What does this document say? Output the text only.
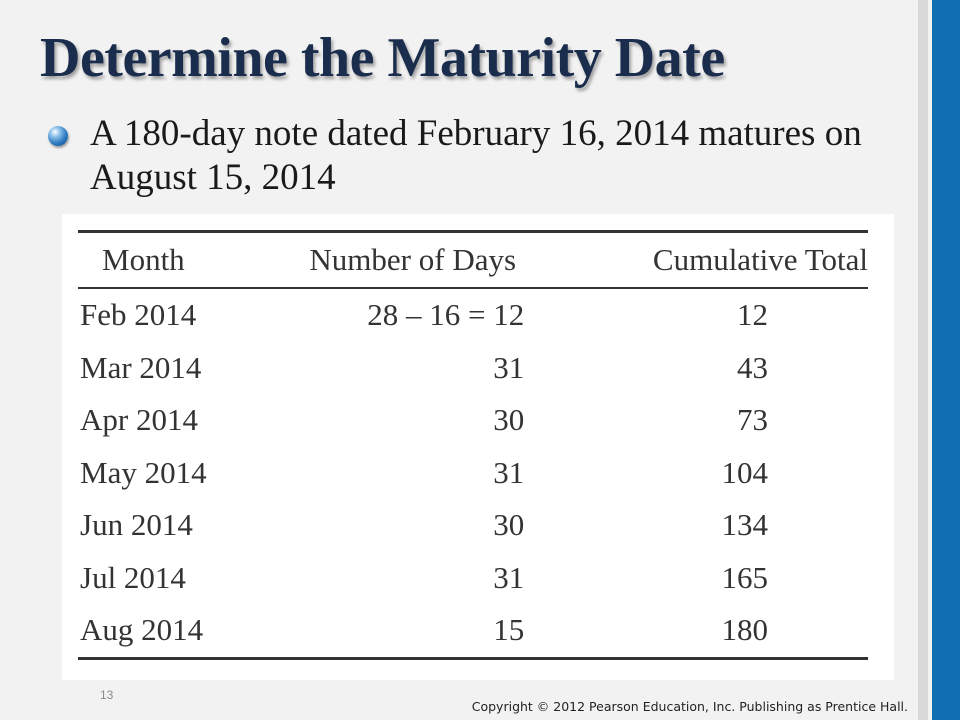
Determine the Maturity Date
A 180-day note dated February 16, 2014 matures on August 15, 2014
Month	Number of Days	Cumulative Total
Feb 2014	28 – 16 = 12	12
Mar 2014	31	43
Apr 2014	30	73
May 2014	31	104
Jun 2014	30	134
Jul 2014	31	165
Aug 2014	15	180
13
Copyright © 2012 Pearson Education, Inc. Publishing as Prentice Hall.
